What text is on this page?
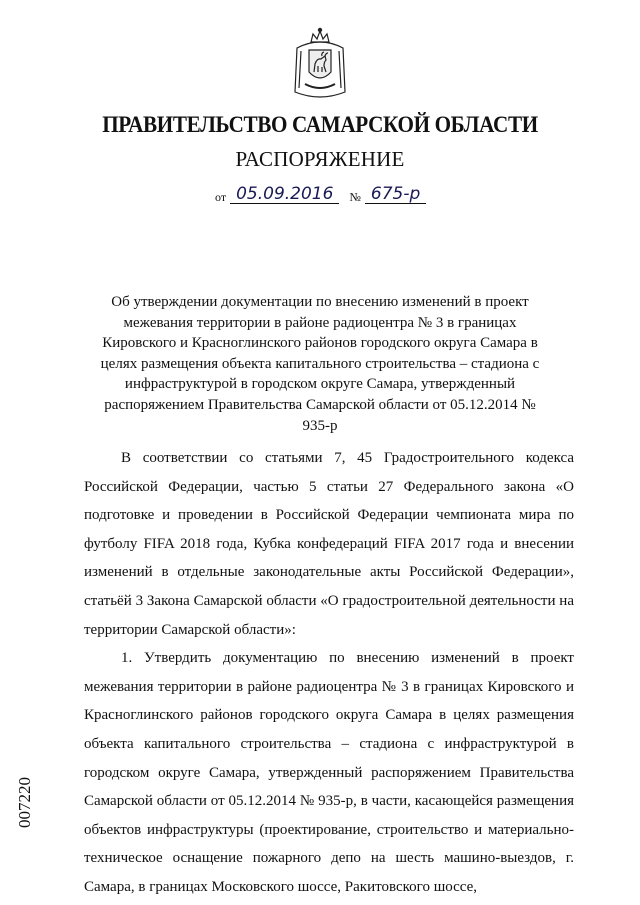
ПРАВИТЕЛЬСТВО САМАРСКОЙ ОБЛАСТИ
РАСПОРЯЖЕНИЕ
от 05.09.2016	№ 675-р
Об утверждении документации по внесению изменений в проект межевания территории в районе радиоцентра № 3 в границах Кировского и Красноглинского районов городского округа Самара в целях размещения объекта капитального строительства – стадиона с инфраструктурой в городском округе Самара, утвержденный распоряжением Правительства Самарской области от 05.12.2014 № 935-р

В соответствии со статьями 7, 45 Градостроительного кодекса Российской Федерации, частью 5 статьи 27 Федерального закона «О подготовке и проведении в Российской Федерации чемпионата мира по футболу FIFA 2018 года, Кубка конфедераций FIFA 2017 года и внесении изменений в отдельные законодательные акты Российской Федерации», статьёй 3 Закона Самарской области «О градостроительной деятельности на территории Самарской области»:

1. Утвердить документацию по внесению изменений в проект межевания территории в районе радиоцентра № 3 в границах Кировского и Красноглинского районов городского округа Самара в целях размещения объекта капитального строительства – стадиона с инфраструктурой в городском округе Самара, утвержденный распоряжением Правительства Самарской области от 05.12.2014 № 935-р, в части, касающейся размещения объектов инфраструктуры (проектирование, строительство и материально-техническое оснащение пожарного депо на шесть машино-выездов, г. Самара, в границах Московского шоссе, Ракитовского шоссе,

007220
